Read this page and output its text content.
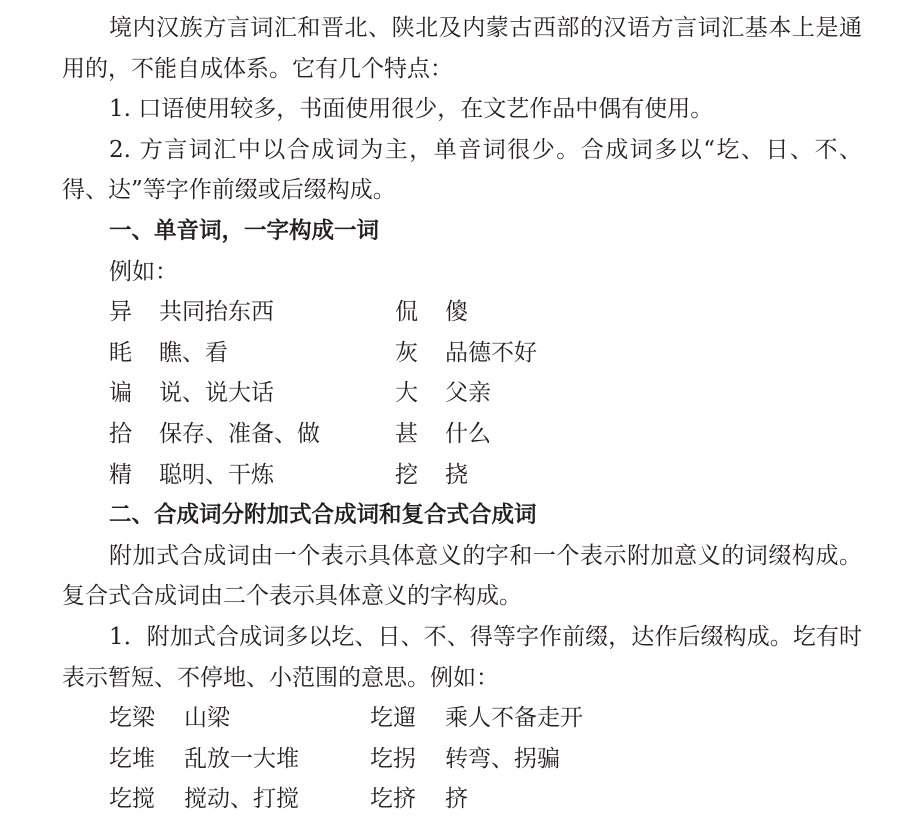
境内汉族方言词汇和晋北、陕北及内蒙古西部的汉语方言词汇基本上是通用的，不能自成体系。它有几个特点：

1. 口语使用较多，书面使用很少，在文艺作品中偶有使用。

2. 方言词汇中以合成词为主，单音词很少。合成词多以“圪、日、不、得、达”等字作前缀或后缀构成。

一、单音词，一字构成一词

例如：

异 共同抬东西	侃 傻
眊 瞧、看	灰 品德不好
谝 说、说大话	大 父亲
拾 保存、准备、做	甚 什么
精 聪明、干炼	挖 挠
二、合成词分附加式合成词和复合式合成词

附加式合成词由一个表示具体意义的字和一个表示附加意义的词缀构成。复合式合成词由二个表示具体意义的字构成。

1．附加式合成词多以圪、日、不、得等字作前缀，达作后缀构成。圪有时表示暂短、不停地、小范围的意思。例如：

圪梁 山梁	圪遛 乘人不备走开
圪堆 乱放一大堆	圪拐 转弯、拐骗
圪搅 搅动、打搅	圪挤 挤
